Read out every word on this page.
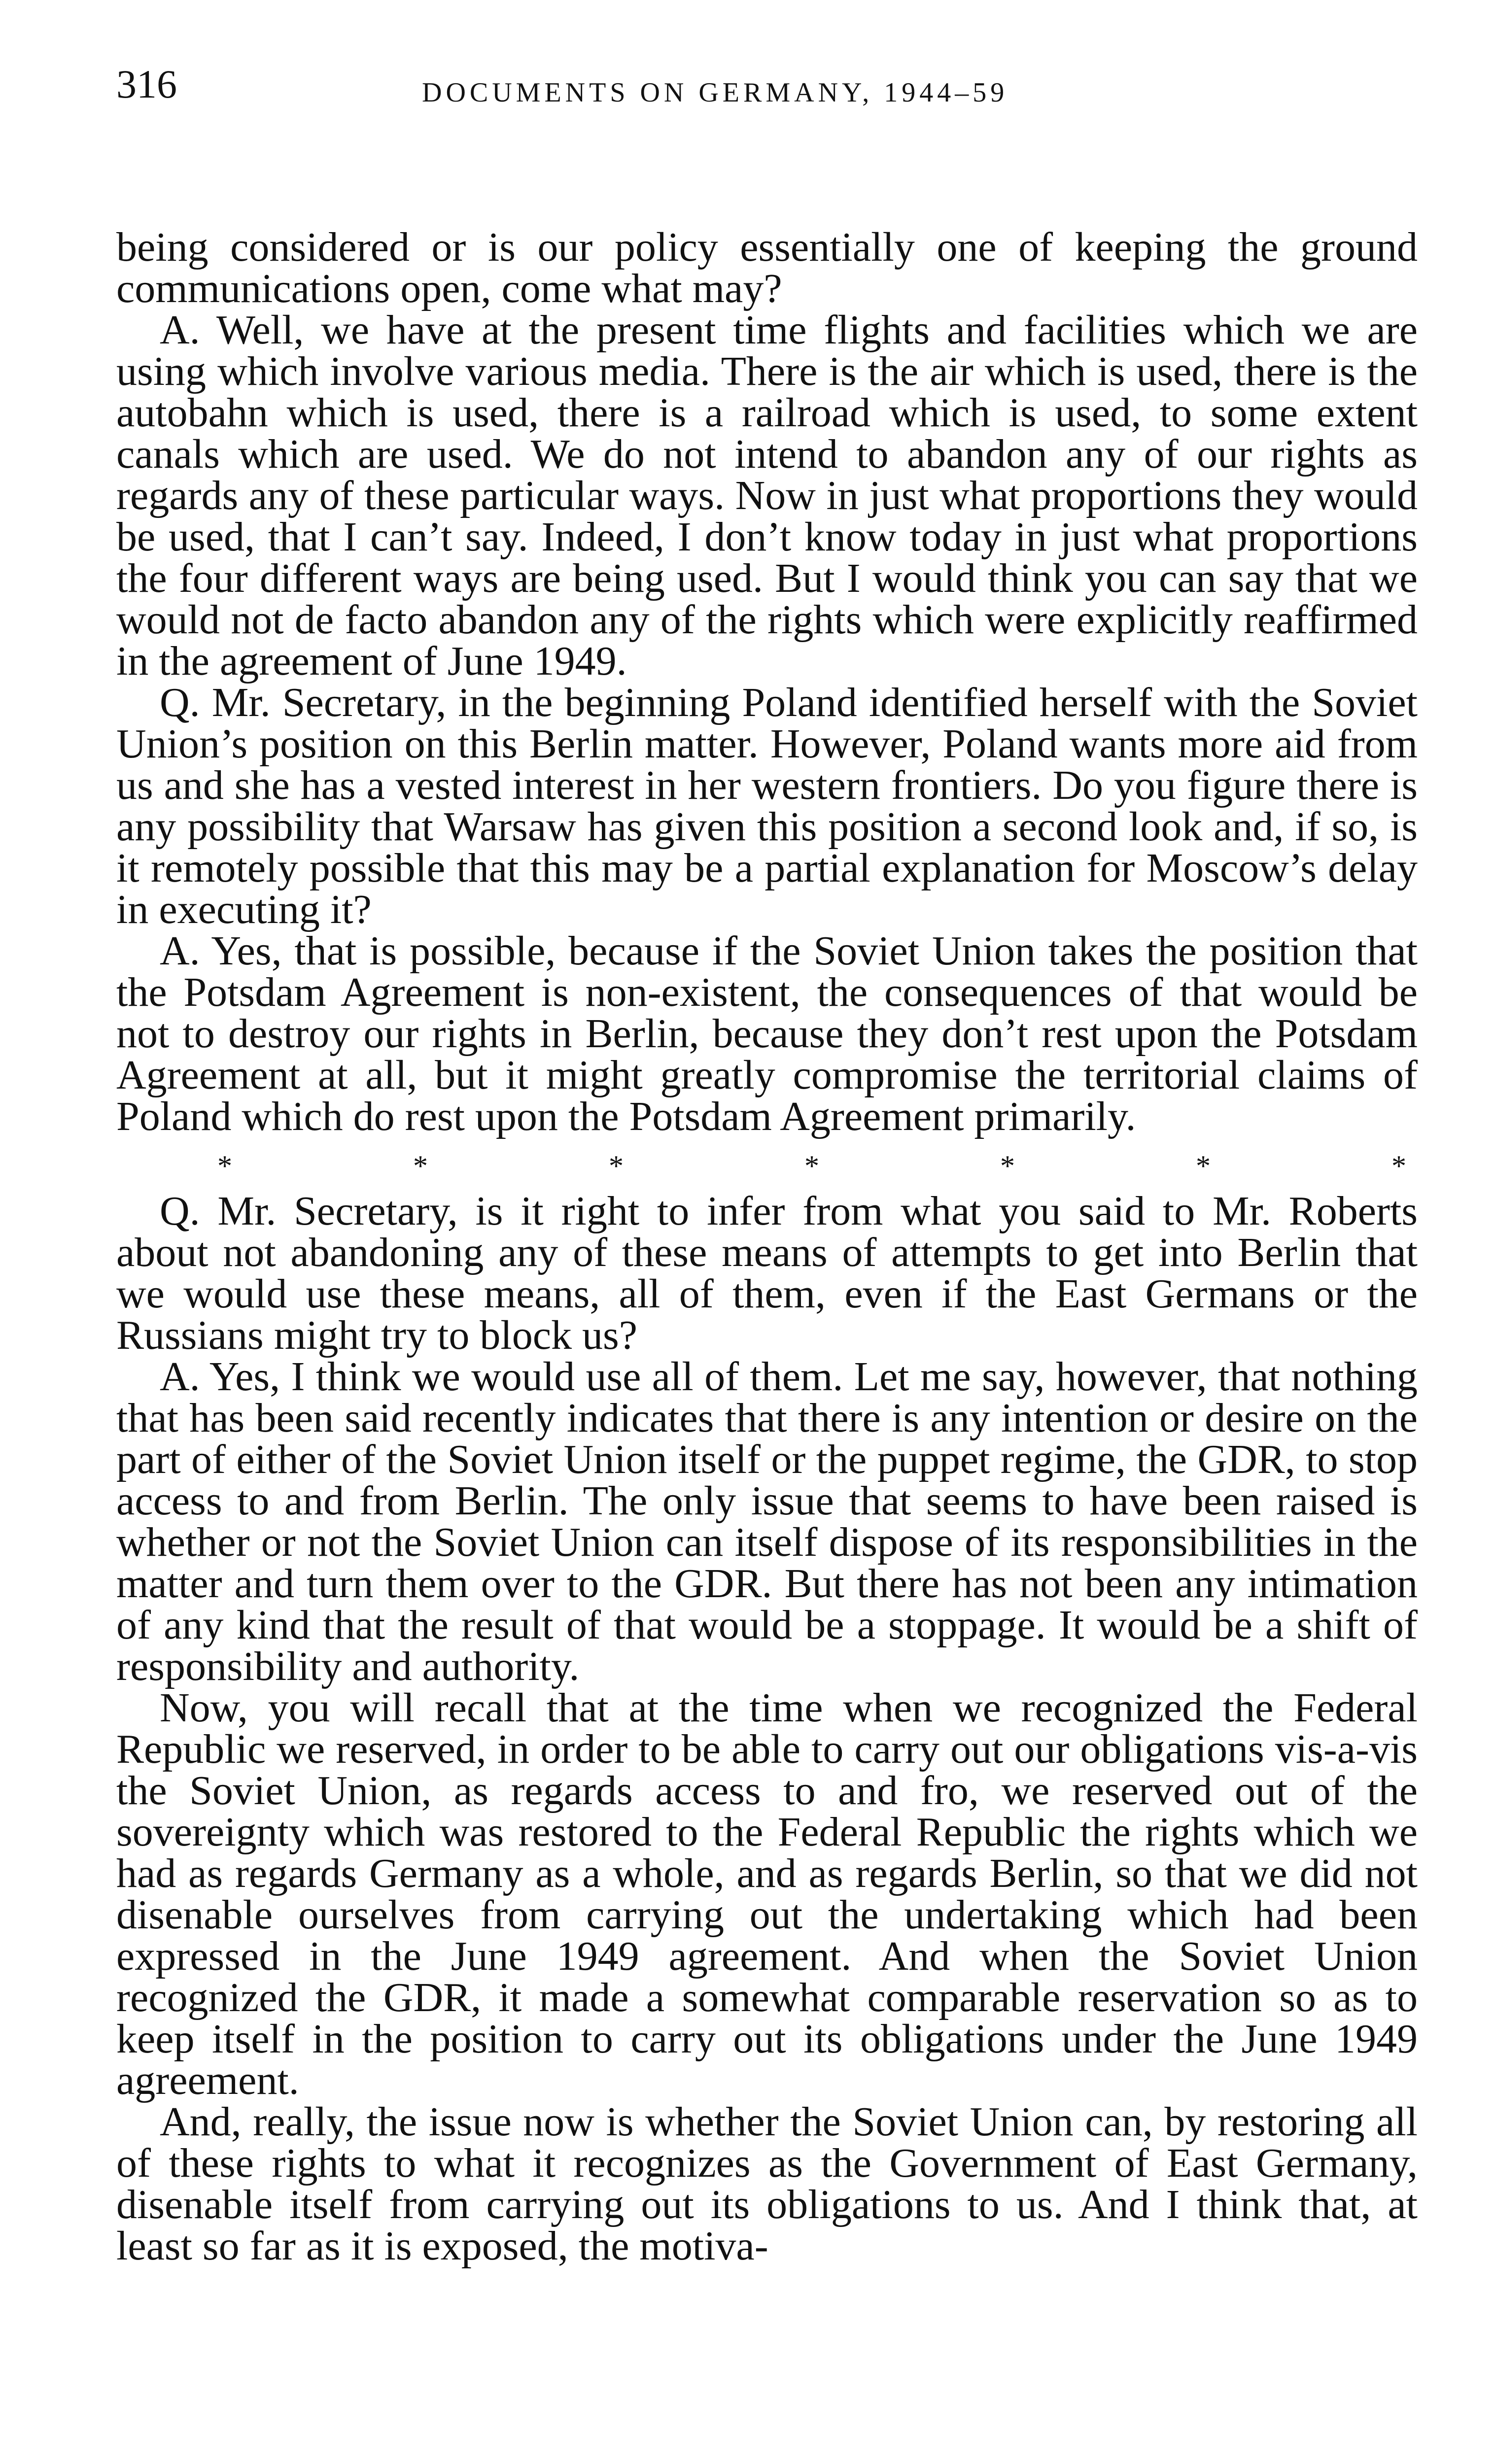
316	DOCUMENTS ON GERMANY, 1944–59

being considered or is our policy essentially one of keeping the ground communications open, come what may?

A. Well, we have at the present time flights and facilities which we are using which involve various media. There is the air which is used, there is the autobahn which is used, there is a railroad which is used, to some extent canals which are used. We do not intend to abandon any of our rights as regards any of these particular ways. Now in just what proportions they would be used, that I can’t say. Indeed, I don’t know today in just what proportions the four different ways are being used. But I would think you can say that we would not de facto abandon any of the rights which were explicitly reaffirmed in the agreement of June 1949.

Q. Mr. Secretary, in the beginning Poland identified herself with the Soviet Union’s position on this Berlin matter. However, Poland wants more aid from us and she has a vested interest in her western frontiers. Do you figure there is any possibility that Warsaw has given this position a second look and, if so, is it remotely possible that this may be a partial explanation for Moscow’s delay in executing it?

A. Yes, that is possible, because if the Soviet Union takes the position that the Potsdam Agreement is non-existent, the consequences of that would be not to destroy our rights in Berlin, because they don’t rest upon the Potsdam Agreement at all, but it might greatly compromise the territorial claims of Poland which do rest upon the Potsdam Agreement primarily.

*	*	*	*	*	*	*

Q. Mr. Secretary, is it right to infer from what you said to Mr. Roberts about not abandoning any of these means of attempts to get into Berlin that we would use these means, all of them, even if the East Germans or the Russians might try to block us?

A. Yes, I think we would use all of them. Let me say, however, that nothing that has been said recently indicates that there is any intention or desire on the part of either of the Soviet Union itself or the puppet regime, the GDR, to stop access to and from Berlin. The only issue that seems to have been raised is whether or not the Soviet Union can itself dispose of its responsibilities in the matter and turn them over to the GDR. But there has not been any intimation of any kind that the result of that would be a stoppage. It would be a shift of responsibility and authority.

Now, you will recall that at the time when we recognized the Federal Republic we reserved, in order to be able to carry out our obligations vis-a-vis the Soviet Union, as regards access to and fro, we reserved out of the sovereignty which was restored to the Federal Republic the rights which we had as regards Germany as a whole, and as regards Berlin, so that we did not disenable ourselves from carrying out the undertaking which had been expressed in the June 1949 agreement. And when the Soviet Union recognized the GDR, it made a somewhat comparable reservation so as to keep itself in the position to carry out its obligations under the June 1949 agreement.

And, really, the issue now is whether the Soviet Union can, by restoring all of these rights to what it recognizes as the Government of East Germany, disenable itself from carrying out its obligations to us. And I think that, at least so far as it is exposed, the motiva-
